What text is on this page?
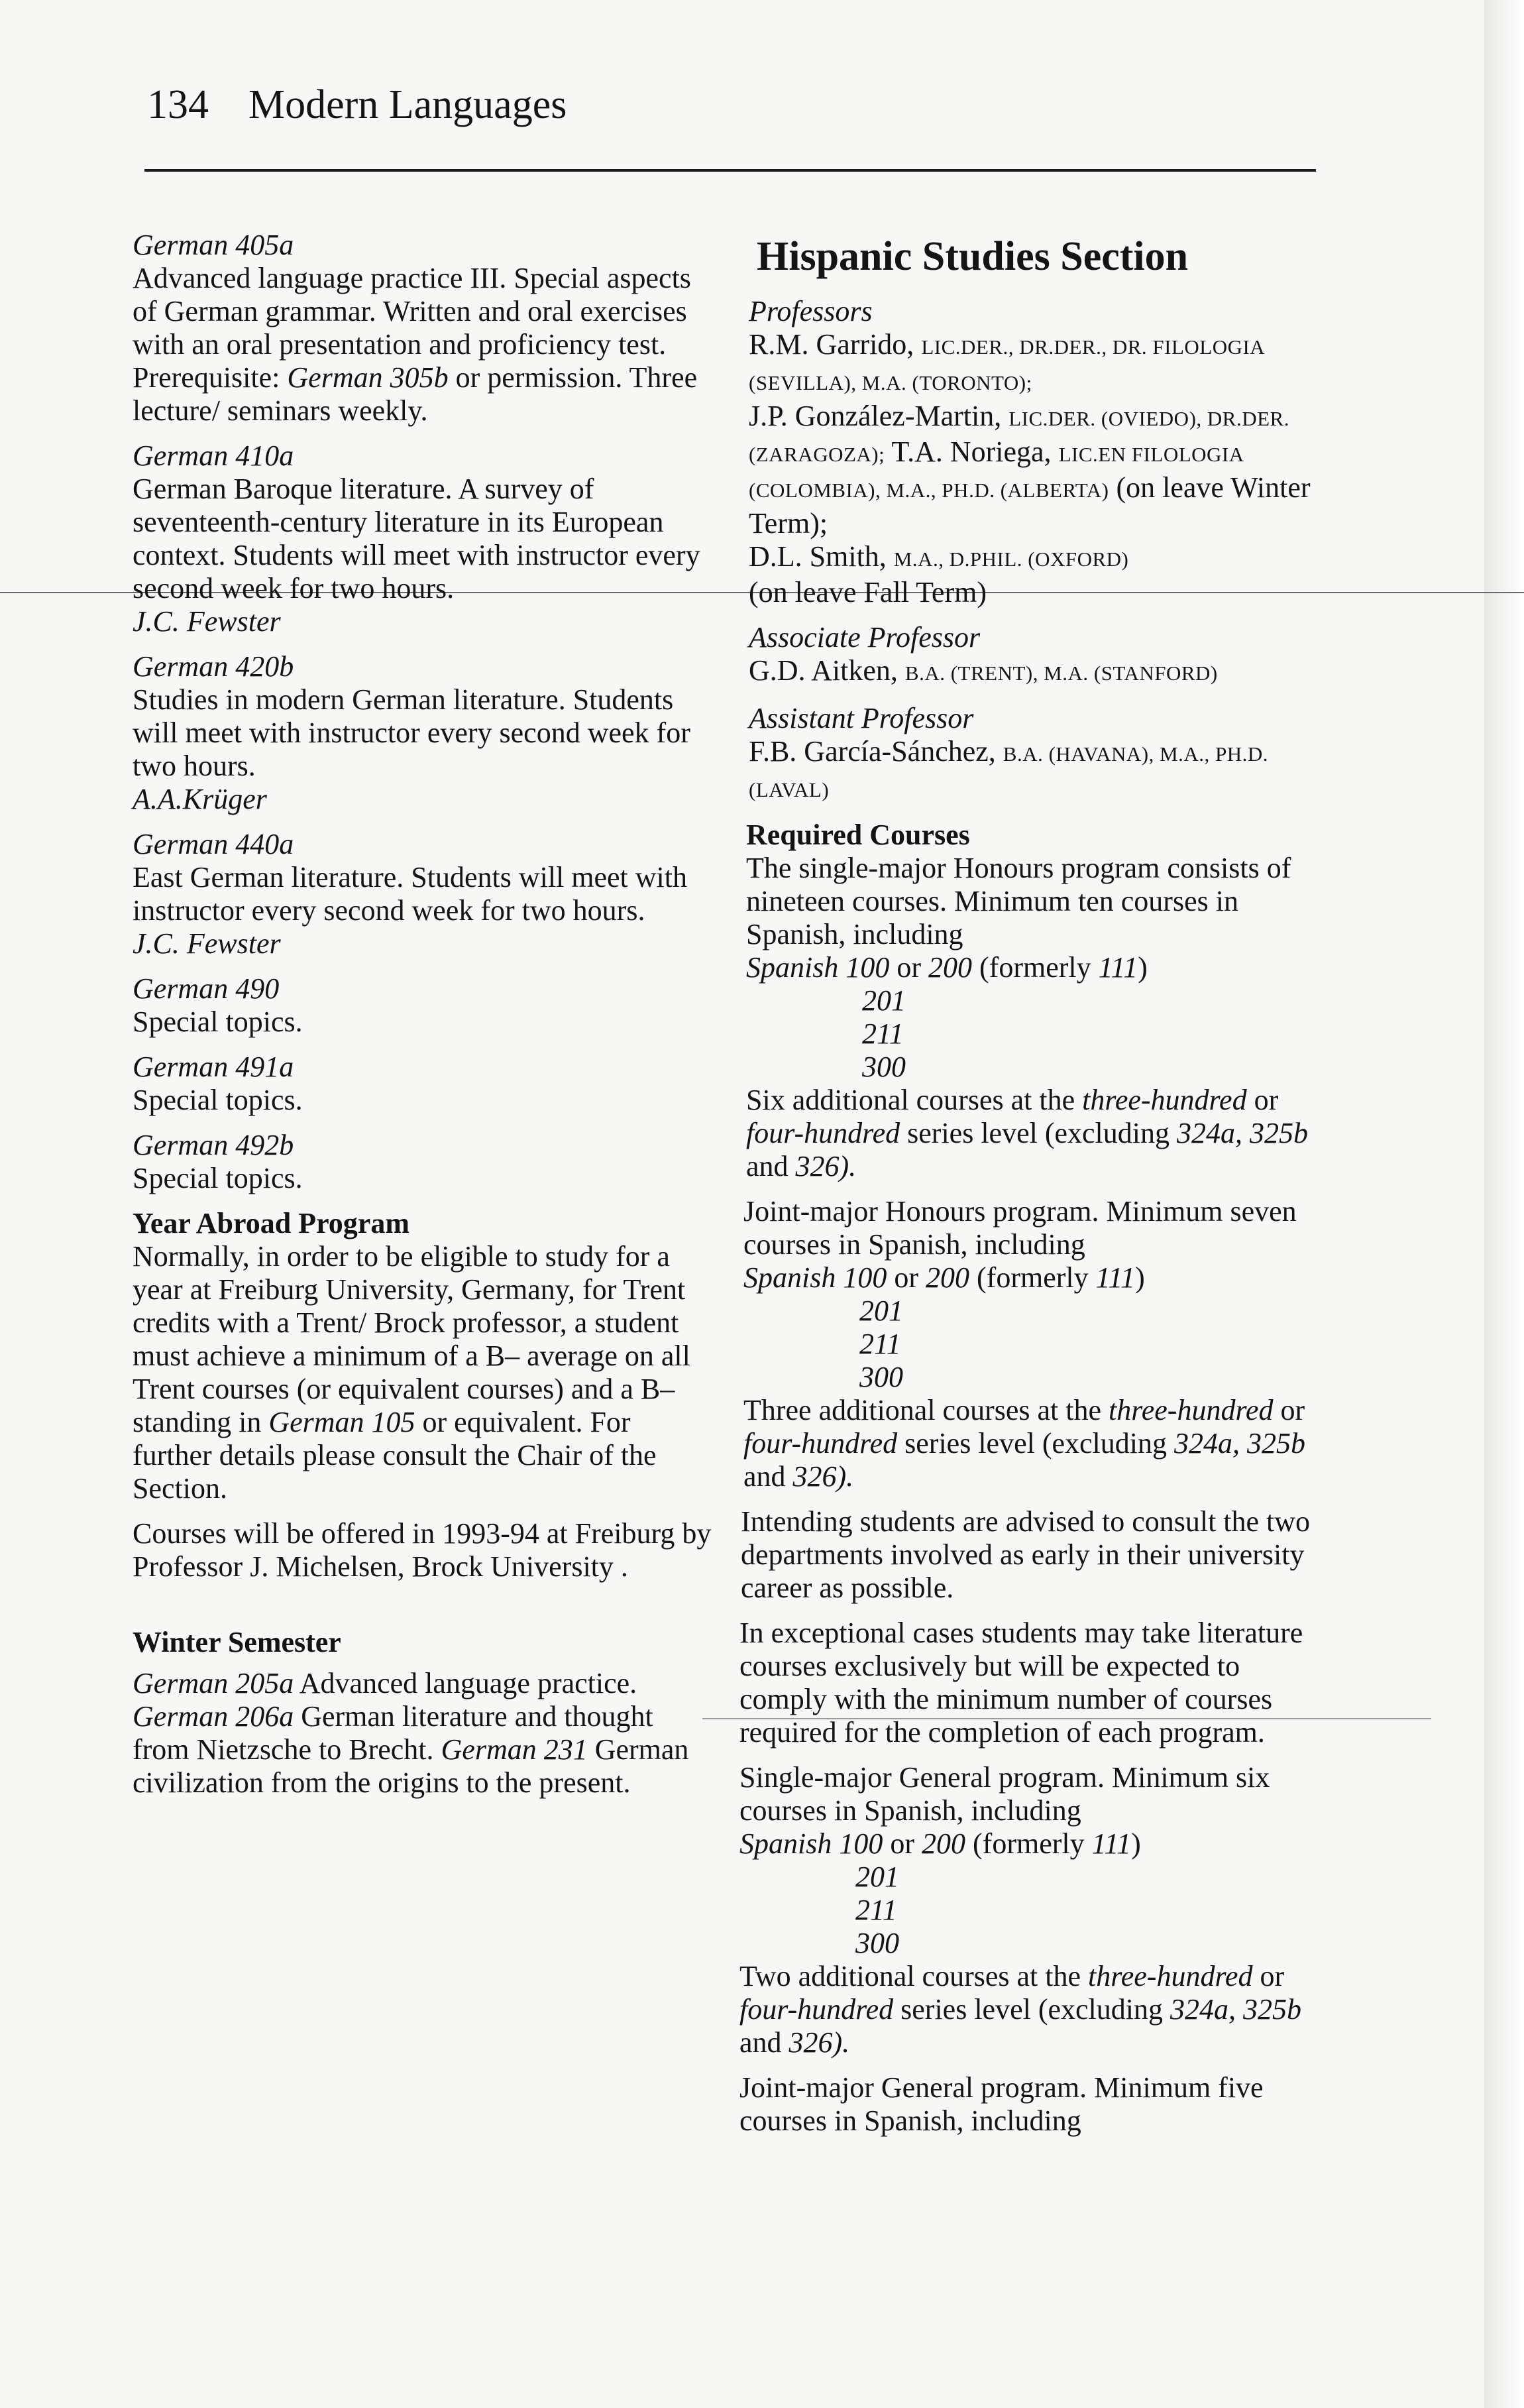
134 Modern Languages

German 405a

Advanced language practice III. Special aspects of German grammar. Written and oral exercises with an oral presentation and proficiency test. Prerequisite: German 305b or permission. Three lecture/ seminars weekly.

German 410a

German Baroque literature. A survey of seventeenth-century literature in its European context. Students will meet with instructor every second week for two hours.

J.C. Fewster

German 420b

Studies in modern German literature. Students will meet with instructor every second week for two hours.

A.A.Krüger

German 440a

East German literature. Students will meet with instructor every second week for two hours.

J.C. Fewster

German 490

Special topics.

German 491a

Special topics.

German 492b

Special topics.

Year Abroad Program

Normally, in order to be eligible to study for a year at Freiburg University, Germany, for Trent credits with a Trent/ Brock professor, a student must achieve a minimum of a B– average on all Trent courses (or equivalent courses) and a B– standing in German 105 or equivalent. For further details please consult the Chair of the Section.

Courses will be offered in 1993-94 at Freiburg by Professor J. Michelsen, Brock University .

Winter Semester

German 205a Advanced language practice. German 206a German literature and thought from Nietzsche to Brecht. German 231 German civilization from the origins to the present.

Hispanic Studies Section

Professors

R.M. Garrido, LIC.DER., DR.DER., DR. FILOLOGIA (SEVILLA), M.A. (TORONTO);
J.P. González-Martin, LIC.DER. (OVIEDO), DR.DER. (ZARAGOZA); T.A. Noriega, LIC.EN FILOLOGIA (COLOMBIA), M.A., PH.D. (ALBERTA) (on leave Winter Term);
D.L. Smith, M.A., D.PHIL. (OXFORD)
(on leave Fall Term)

Associate Professor

G.D. Aitken, B.A. (TRENT), M.A. (STANFORD)

Assistant Professor

F.B. García-Sánchez, B.A. (HAVANA), M.A., PH.D. (LAVAL)

Required Courses

The single-major Honours program consists of nineteen courses. Minimum ten courses in Spanish, including

Spanish 100 or 200 (formerly 111)

201

211

300

Six additional courses at the three-hundred or four-hundred series level (excluding 324a, 325b and 326).

Joint-major Honours program. Minimum seven courses in Spanish, including

Spanish 100 or 200 (formerly 111)

201

211

300

Three additional courses at the three-hundred or four-hundred series level (excluding 324a, 325b and 326).

Intending students are advised to consult the two departments involved as early in their university career as possible.

In exceptional cases students may take literature courses exclusively but will be expected to comply with the minimum number of courses required for the completion of each program.

Single-major General program. Minimum six courses in Spanish, including

Spanish 100 or 200 (formerly 111)

201

211

300

Two additional courses at the three-hundred or four-hundred series level (excluding 324a, 325b and 326).

Joint-major General program. Minimum five courses in Spanish, including
